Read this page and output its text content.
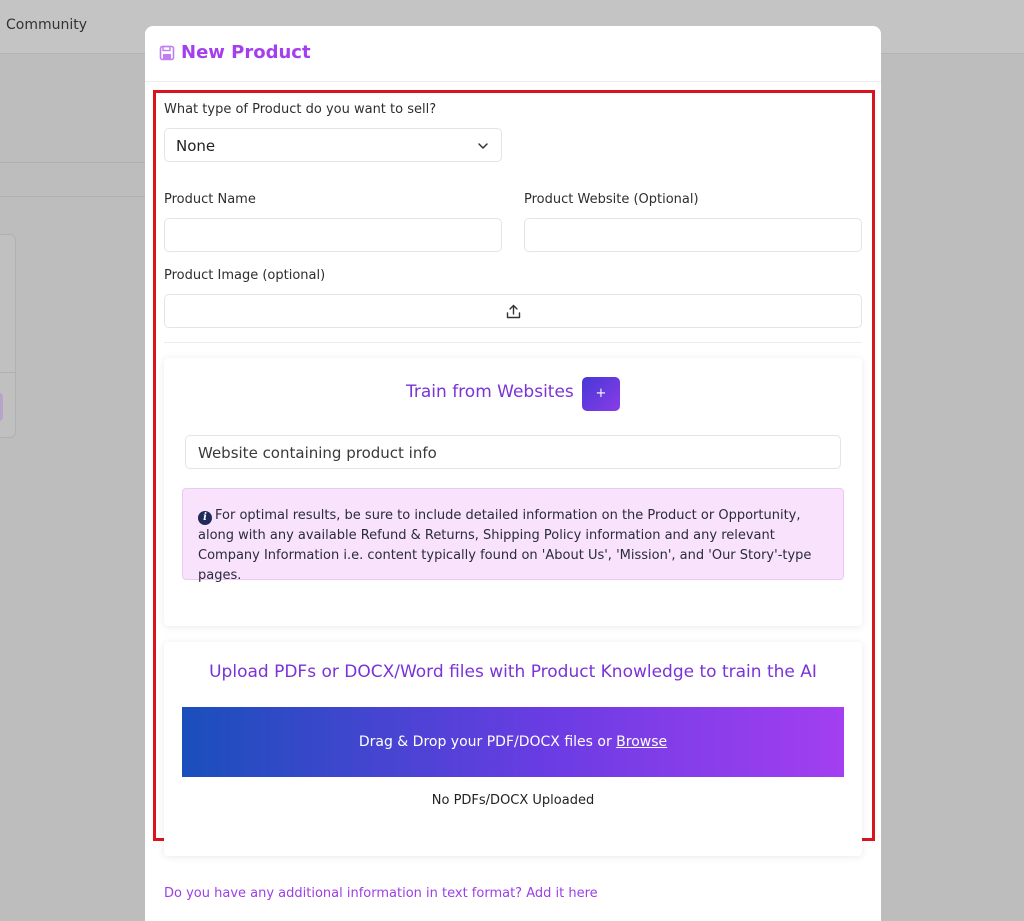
Community
New Product
What type of Product do you want to sell?
None
Product Name	Product Website (Optional)
Product Image (optional)
Train from Websites	+
Website containing product info
i For optimal results, be sure to include detailed information on the Product or Opportunity, along with any available Refund & Returns, Shipping Policy information and any relevant Company Information i.e. content typically found on 'About Us', 'Mission', and 'Our Story'-type pages.
Upload PDFs or DOCX/Word files with Product Knowledge to train the AI
Drag & Drop your PDF/DOCX files or Browse
No PDFs/DOCX Uploaded
Do you have any additional information in text format? Add it here
